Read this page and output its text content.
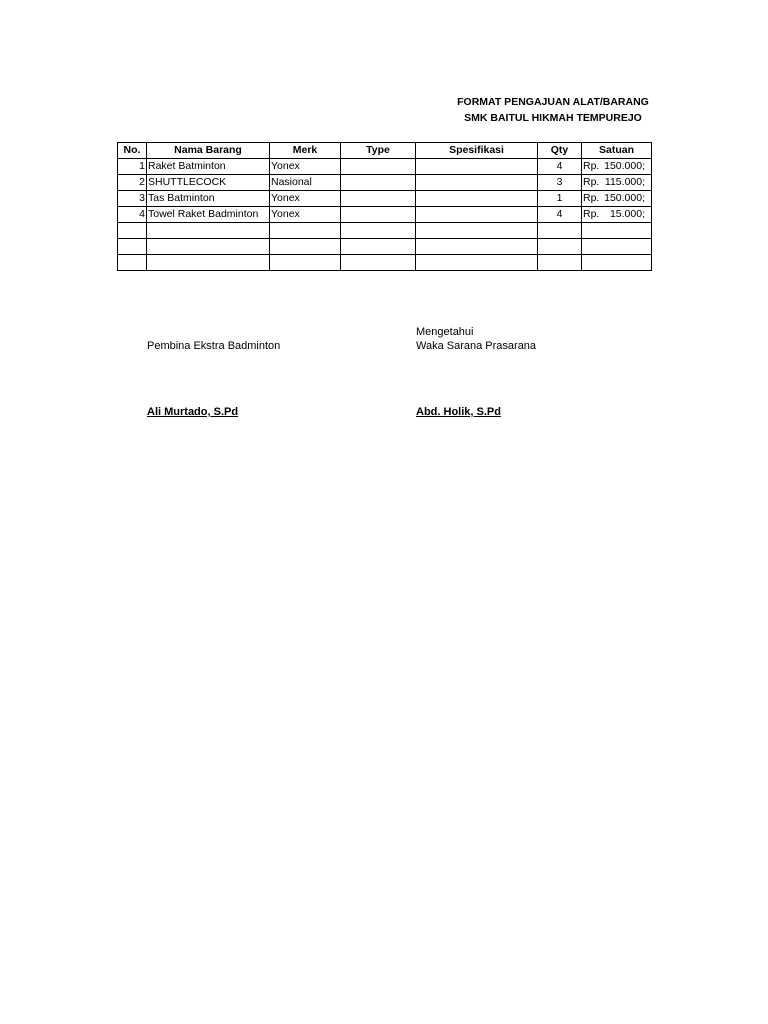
FORMAT PENGAJUAN ALAT/BARANG
SMK BAITUL HIKMAH TEMPUREJO
No.	Nama Barang	Merk	Type	Spesifikasi	Qty	Satuan
1	Raket Batminton	Yonex			4	Rp. 150.000;
2	SHUTTLECOCK	Nasional			3	Rp. 115.000;
3	Tas Batminton	Yonex			1	Rp. 150.000;
4	Towel Raket Badminton	Yonex			4	Rp. 15.000;

Pembina Ekstra Badminton
Mengetahui
Waka Sarana Prasarana
Ali Murtado, S.Pd	Abd. Holik, S.Pd
